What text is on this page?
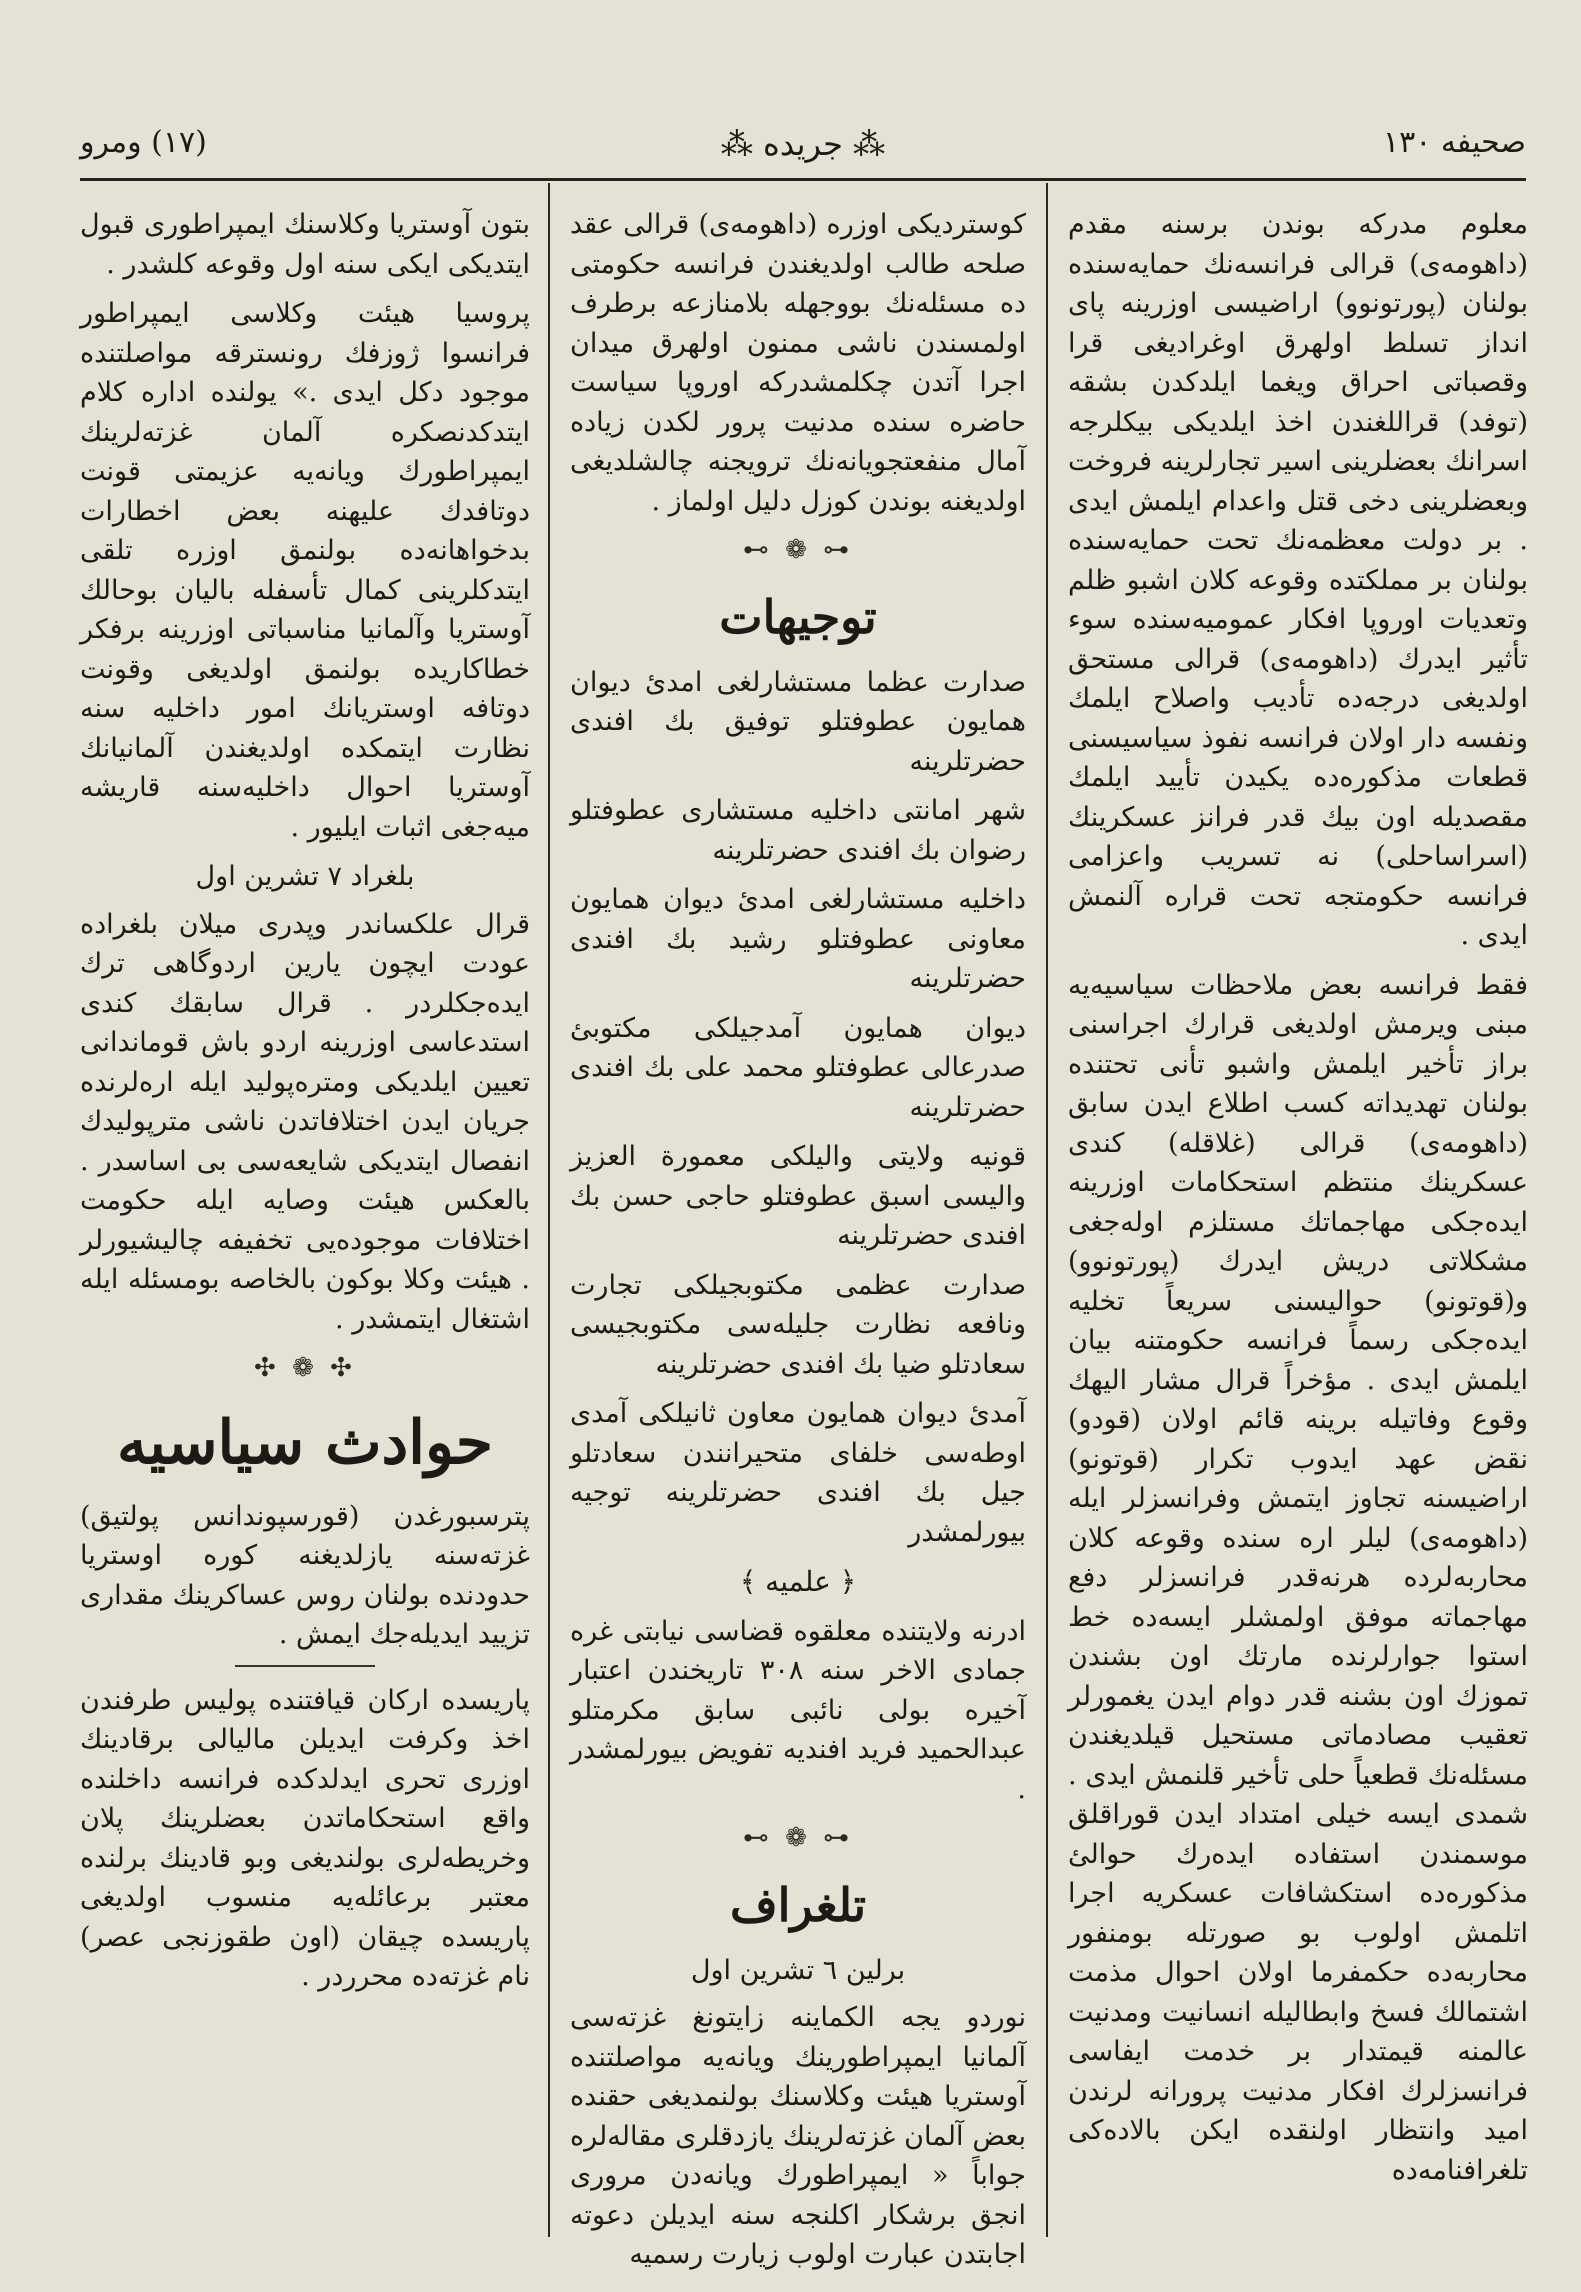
صحيفه ١٣٠
⁂ جريده ⁂
(١٧) ومرو

معلوم مدركه بوندن برسنه مقدم (داهومه‌ى) قرالى فرانسه‌نك حمايه‌سنده بولنان (پورتونوو) اراضيسى اوزرينه پاى انداز تسلط اولهرق اوغرادیغى قرا وقصباتى احراق ويغما ايلدكدن بشقه (توفد) قراللغندن اخذ ايلديكى بيكلرجه اسرانك بعضلرينى اسير تجارلرينه فروخت وبعضلرينى دخى قتل واعدام ايلمش ايدى . بر دولت معظمه‌نك تحت حمايه‌سنده بولنان بر مملكتده وقوعه كلان اشبو ظلم وتعديات اوروپا افكار عموميه‌سنده سوء تأثير ايدرك (داهومه‌ى) قرالى مستحق اولديغى درجه‌ده تأديب واصلاح ايلمك ونفسه دار اولان فرانسه نفوذ سياسيسنى قطعات مذكوره‌ده يكيدن تأييد ايلمك مقصديله اون بيك قدر فرانز عسكرينك (اسراساحلى) نه تسريب واعزامى فرانسه حكومتجه تحت قراره آلنمش ايدى .

فقط فرانسه بعض ملاحظات سياسيه‌يه مبنى ويرمش اولديغى قرارك اجراسنى براز تأخير ايلمش واشبو تأنى تحتنده بولنان تهديداته كسب اطلاع ايدن سابق (داهومه‌ى) قرالى (غلاقله) كندى عسكرينك منتظم استحكامات اوزرينه ايده‌جكى مهاجماتك مستلزم اوله‌جغى مشكلاتى دريش ايدرك (پورتونوو) و(قوتونو) حواليسنى سريعاً تخليه ايده‌جكى رسماً فرانسه حكومتنه بيان ايلمش ايدى . مؤخراً قرال مشار اليهك وقوع وفاتيله برينه قائم اولان (قودو) نقض عهد ايدوب تكرار (قوتونو) اراضيسنه تجاوز ايتمش وفرانسزلر ايله (داهومه‌ى) ليلر اره سنده وقوعه كلان محاربه‌لرده هرنه‌قدر فرانسزلر دفع مهاجماته موفق اولمشلر ايسه‌ده خط استوا جوارلرنده مارتك اون بشندن تموزك اون بشنه قدر دوام ايدن يغمورلر تعقيب مصادماتى مستحيل قيلديغندن مسئله‌نك قطعياً حلى تأخير قلنمش ايدى . شمدى ايسه خيلى امتداد ايدن قوراقلق موسمندن استفاده ايده‌رك حوالئ مذكوره‌ده استكشافات عسكريه اجرا اتلمش اولوب بو صورتله بومنفور محاربه‌ده حكمفرما اولان احوال مذمت اشتمالك فسخ وابطاليله انسانيت ومدنيت عالمنه قيمتدار بر خدمت ايفاسى فرانسزلرك افكار مدنيت پرورانه لرندن اميد وانتظار اولنقده ايكن بالاده‌كى تلغرافنامه‌ده

كوسترديكى اوزره (داهومه‌ى) قرالى عقد صلحه طالب اولديغندن فرانسه حكومتى ده مسئله‌نك بووجهله بلامنازعه برطرف اولمسندن ناشى ممنون اولهرق ميدان اجرا آتدن چكلمشدركه اوروپا سياست حاضره سنده مدنيت پرور لكدن زياده آمال منفعتجويانه‌نك ترويجنه چالشلديغى اولديغنه بوندن كوزل دليل اولماز .

⊷ ❁ ⊶
توجيهات

صدارت عظما مستشارلغى امدئ ديوان همايون عطوفتلو توفيق بك افندى حضرتلرينه

شهر امانتى داخليه مستشارى عطوفتلو رضوان بك افندى حضرتلرينه

داخليه مستشارلغى امدئ ديوان همايون معاونى عطوفتلو رشيد بك افندى حضرتلرينه

ديوان همايون آمدجيلكى مكتوبئ صدرعالى عطوفتلو محمد على بك افندى حضرتلرينه

قونيه ولايتى واليلكى معمورة العزيز واليسى اسبق عطوفتلو حاجى حسن بك افندى حضرتلرينه

صدارت عظمى مكتوبجيلكى تجارت ونافعه نظارت جليله‌سى مكتوبجيسى سعادتلو ضيا بك افندى حضرتلرينه

آمدئ ديوان همايون معاون ثانيلكى آمدى اوطه‌سى خلفاى متحيرانندن سعادتلو جيل بك افندى حضرتلرينه توجيه بيورلمشدر

﴿ علميه ﴾

ادرنه ولايتنده معلقوه قضاسى نيابتى غره جمادى الاخر سنه ٣٠٨ تاريخندن اعتبار آخيره بولى نائبى سابق مكرمتلو عبدالحميد فريد افنديه تفويض بيورلمشدر .

⊷ ❁ ⊶
تلغراف
برلين ٦ تشرين اول

نوردو يجه الكماينه زايتونغ غزته‌سى آلمانيا ايمپراطورينك ويانه‌يه مواصلتنده آوستريا هيئت وكلاسنك بولنمديغى حقنده بعض آلمان غزته‌لرينك يازدقلرى مقاله‌لره جواباً « ايمپراطورك ويانه‌دن مرورى انجق برشكار اكلنجه سنه ايديلن دعوته اجابتدن عبارت اولوب زيارت رسميه

بتون آوستريا وكلاسنك ايمپراطورى قبول ايتديكى ايكى سنه اول وقوعه كلشدر .

پروسيا هيئت وكلاسى ايمپراطور فرانسوا ژوزفك رونسترقه مواصلتنده موجود دكل ايدى .» يولنده اداره كلام ايتدكدنصكره آلمان غزته‌لرينك ايمپراطورك ويانه‌يه عزيمتى قونت دوتافدك عليهنه بعض اخطارات بدخواهانه‌ده بولنمق اوزره تلقى ايتدكلرينى كمال تأسفله باليان بوحالك آوستريا وآلمانيا مناسباتى اوزرينه برفكر خطاكاريده بولنمق اولديغى وقونت دوتافه اوستريانك امور داخليه سنه نظارت ايتمكده اولديغندن آلمانيانك آوستريا احوال داخليه‌سنه قاريشه ميه‌جغى اثبات ايليور .

بلغراد ٧ تشرين اول

قرال علكساندر وپدرى ميلان بلغراده عودت ايچون يارين اردوگاهى ترك ايده‌جكلردر . قرال سابقك كندى استدعاسى اوزرينه اردو باش قوماندانى تعيين ايلديكى ومتره‌پوليد ايله اره‌لرنده جريان ايدن اختلافاتدن ناشى مترپوليدك انفصال ايتديكى شايعه‌سى بى اساسدر . بالعكس هيئت وصايه ايله حكومت اختلافات موجوده‌يى تخفيفه چاليشيورلر . هيئت وكلا بوكون بالخاصه بومسئله ايله اشتغال ايتمشدر .

✣ ❁ ✣
حوادث سياسيه

پترسبورغدن (قورسپوندانس پولتيق) غزته‌سنه يازلديغنه كوره اوستريا حدودنده بولنان روس عساكرينك مقدارى تزييد ايديله‌جك ايمش .

پاريسده اركان قيافتنده پوليس طرفندن اخذ وكرفت ايديلن ماليالى برقادينك اوزرى تحرى ايدلدكده فرانسه داخلنده واقع استحكاماتدن بعضلرينك پلان وخريطه‌لرى بولنديغى وبو قادينك برلنده معتبر برعائله‌يه منسوب اولديغى پاريسده چيقان (اون طقوزنجى عصر) نام غزته‌ده محرردر .
